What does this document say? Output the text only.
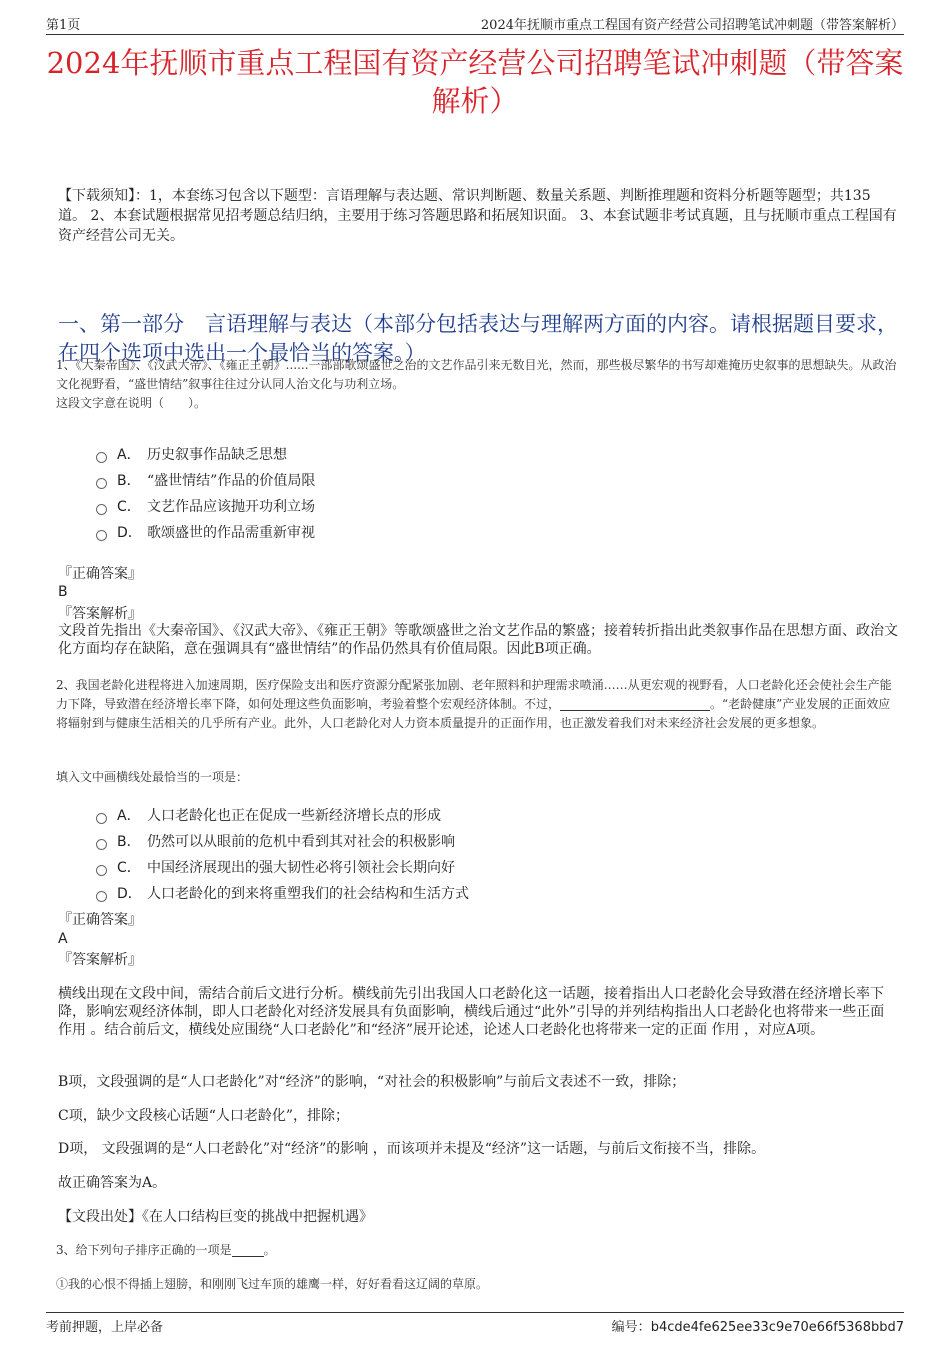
第1页	2024年抚顺市重点工程国有资产经营公司招聘笔试冲刺题（带答案解析）
2024年抚顺市重点工程国有资产经营公司招聘笔试冲刺题（带答案解析）
【下载须知】：1，本套练习包含以下题型：言语理解与表达题、常识判断题、数量关系题、判断推理题和资料分析题等题型；共135道。 2、本套试题根据常见招考题总结归纳，主要用于练习答题思路和拓展知识面。 3、本套试题非考试真题，且与抚顺市重点工程国有资产经营公司无关。
一、第一部分　言语理解与表达（本部分包括表达与理解两方面的内容。请根据题目要求，在四个选项中选出一个最恰当的答案。）
1、《大秦帝国》、《汉武大帝》、《雍正王朝》......一部部歌颂盛世之治的文艺作品引来无数目光，然而，那些极尽繁华的书写却难掩历史叙事的思想缺失。从政治文化视野看，“盛世情结”叙事往往过分认同人治文化与功利立场。
这段文字意在说明（　　）。
A． 历史叙事作品缺乏思想
B． “盛世情结”作品的价值局限
C． 文艺作品应该抛开功利立场
D． 歌颂盛世的作品需重新审视
『正确答案』
B
『答案解析』
文段首先指出《大秦帝国》、《汉武大帝》、《雍正王朝》等歌颂盛世之治文艺作品的繁盛；接着转折指出此类叙事作品在思想方面、政治文化方面均存在缺陷，意在强调具有“盛世情结”的作品仍然具有价值局限。因此B项正确。
2、我国老龄化进程将进入加速周期，医疗保险支出和医疗资源分配紧张加剧、老年照料和护理需求喷涌……从更宏观的视野看，人口老龄化还会使社会生产能力下降，导致潜在经济增长率下降，如何处理这些负面影响，考验着整个宏观经济体制。不过，	。“老龄健康”产业发展的正面效应将辐射到与健康生活相关的几乎所有产业。此外，人口老龄化对人力资本质量提升的正面作用，也正激发着我们对未来经济社会发展的更多想象。
填入文中画横线处最恰当的一项是：
A． 人口老龄化也正在促成一些新经济增长点的形成
B． 仍然可以从眼前的危机中看到其对社会的积极影响
C． 中国经济展现出的强大韧性必将引领社会长期向好
D． 人口老龄化的到来将重塑我们的社会结构和生活方式
『正确答案』
A
『答案解析』
横线出现在文段中间，需结合前后文进行分析。横线前先引出我国人口老龄化这一话题，接着指出人口老龄化会导致潜在经济增长率下降，影响宏观经济体制，即人口老龄化对经济发展具有负面影响，横线后通过“此外”引导的并列结构指出人口老龄化也将带来一些正面 作用 。结合前后文，横线处应围绕“人口老龄化”和“经济”展开论述，论述人口老龄化也将带来一定的正面 作用 ，对应A项。
B项，文段强调的是“人口老龄化”对“经济”的影响，“对社会的积极影响”与前后文表述不一致，排除；
C项，缺少文段核心话题“人口老龄化”，排除；
D项， 文段强调的是“人口老龄化”对“经济”的影响 ，而该项并未提及“经济”这一话题，与前后文衔接不当，排除。
故正确答案为A。
【文段出处】《在人口结构巨变的挑战中把握机遇》
3、给下列句子排序正确的一项是	。
①我的心恨不得插上翅膀，和刚刚飞过车顶的雄鹰一样，好好看看这辽阔的草原。
考前押题，上岸必备	编号：b4cde4fe625ee33c9e70e66f5368bbd7
